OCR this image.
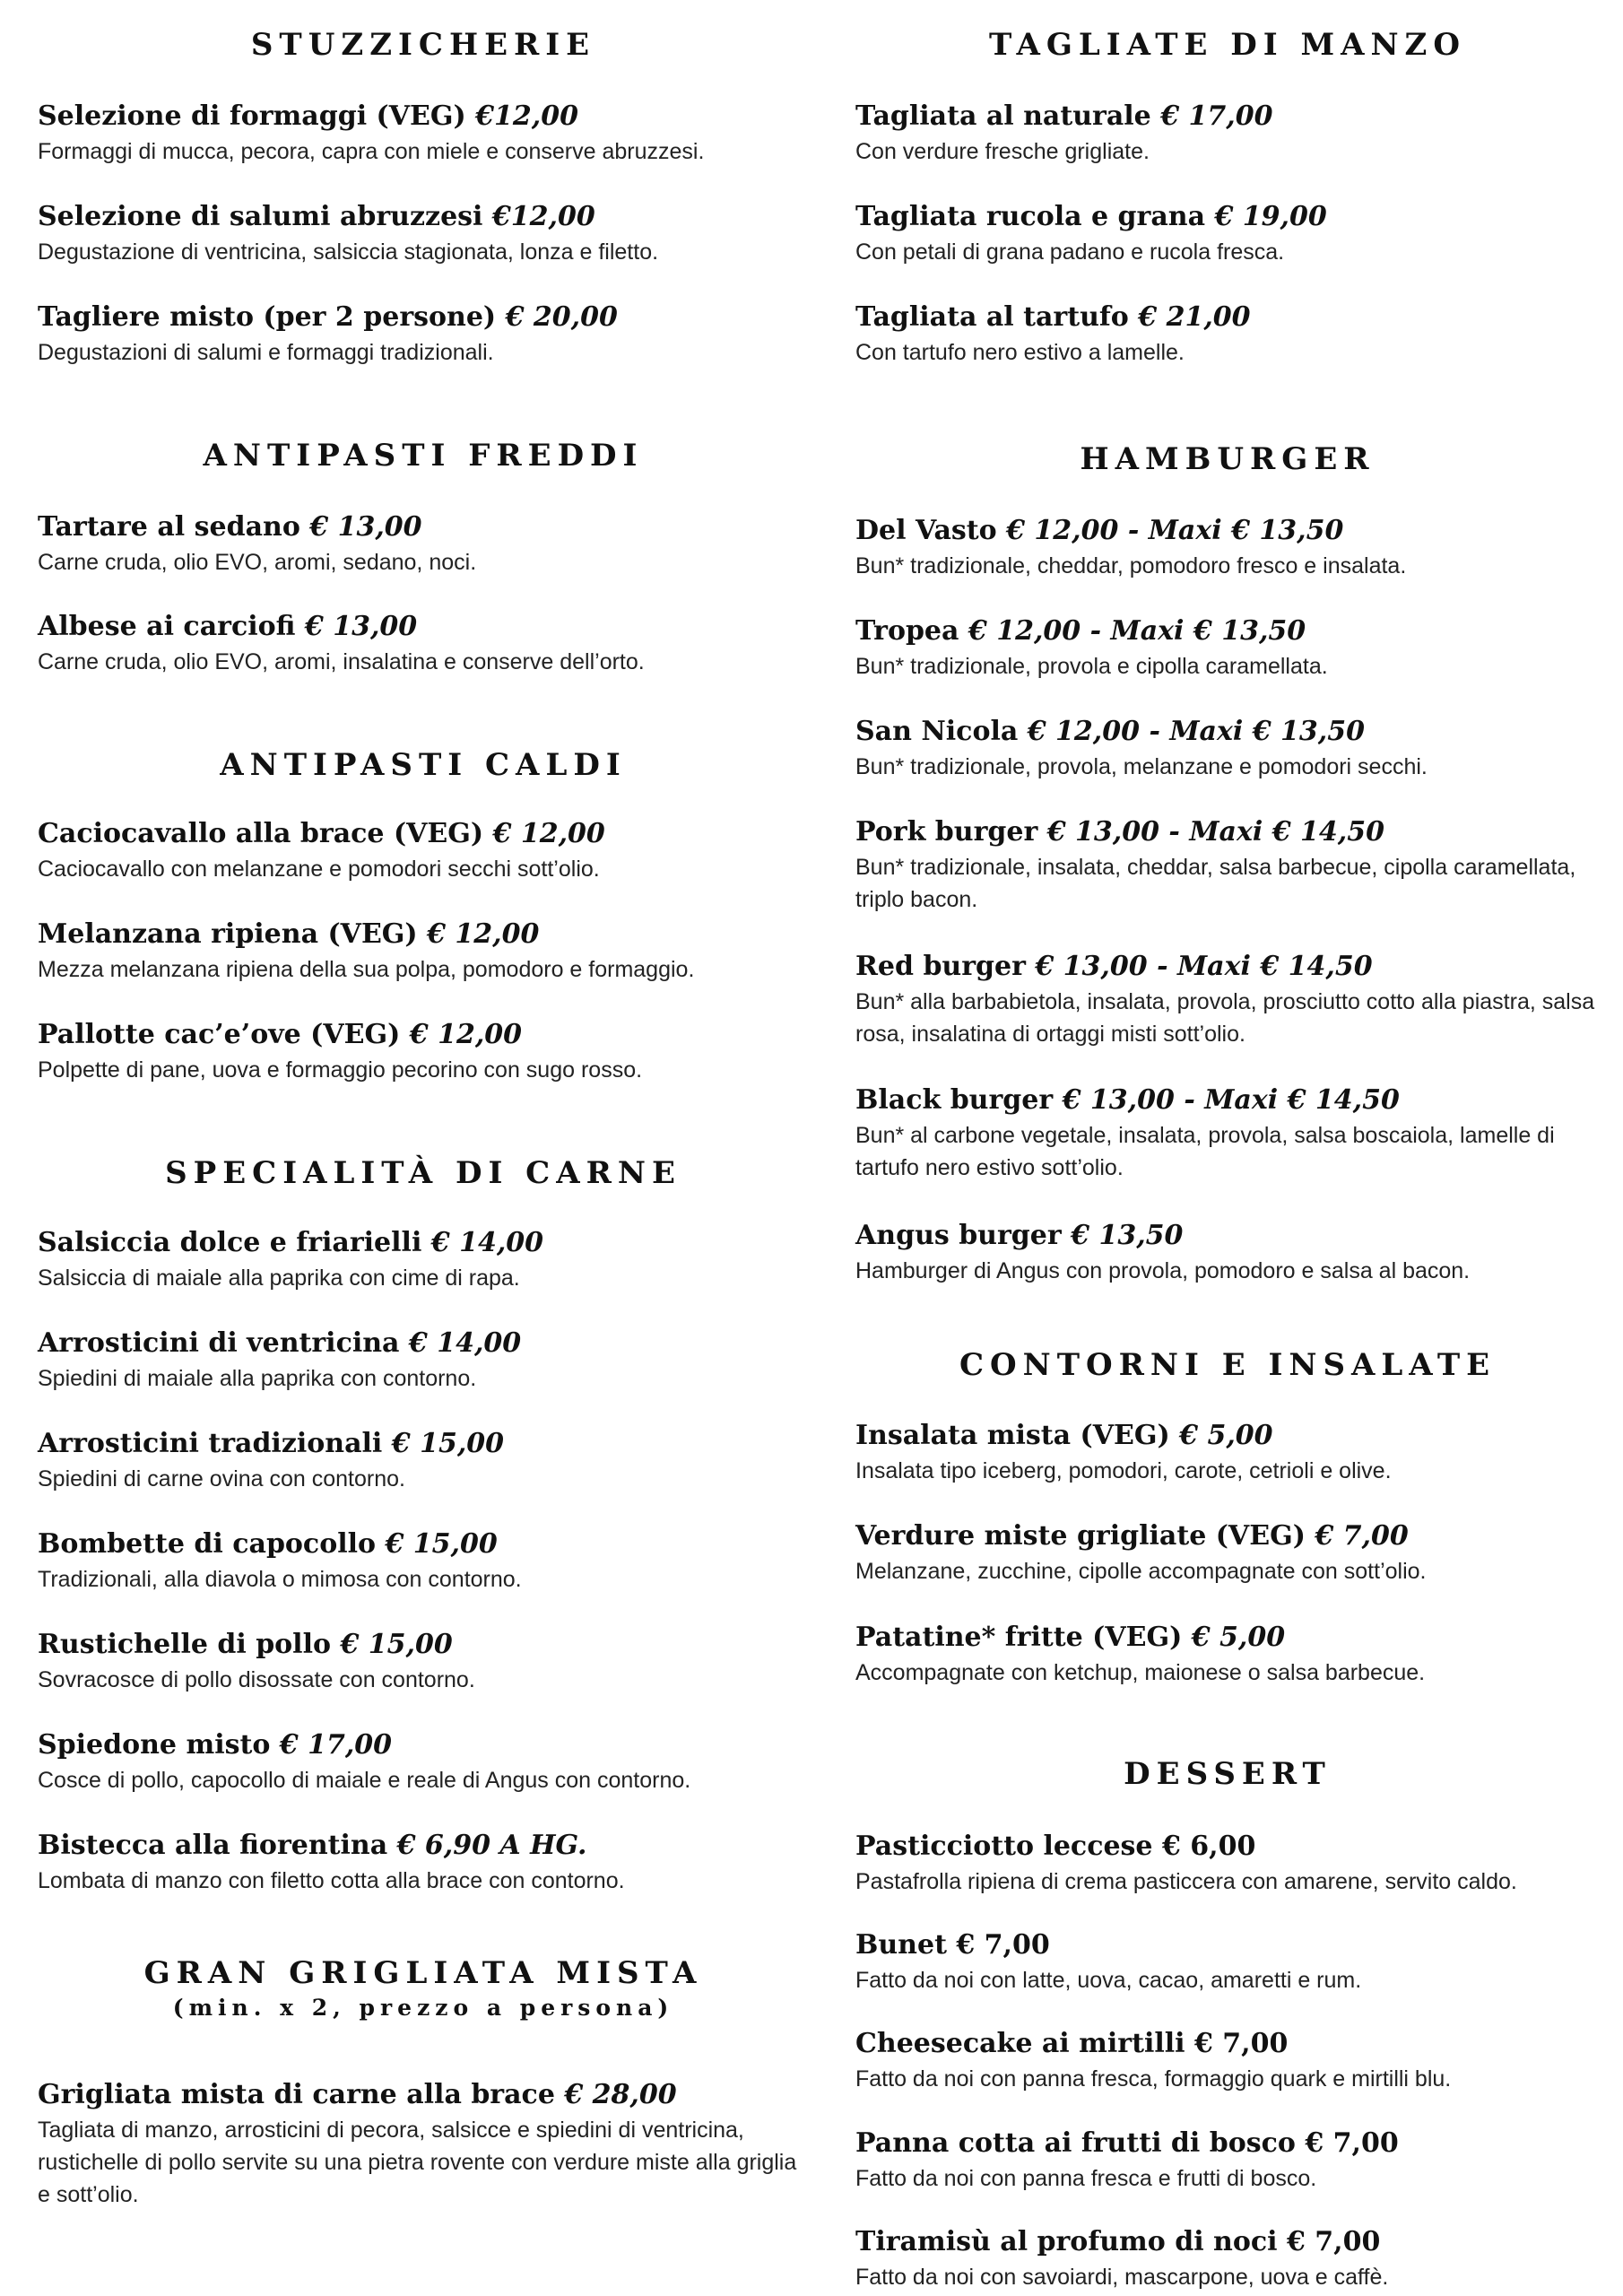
STUZZICHERIE
Selezione di formaggi (VEG) €12,00

Formaggi di mucca, pecora, capra con miele e conserve abruzzesi.

Selezione di salumi abruzzesi €12,00

Degustazione di ventricina, salsiccia stagionata, lonza e filetto.

Tagliere misto (per 2 persone) € 20,00

Degustazioni di salumi e formaggi tradizionali.

ANTIPASTI FREDDI
Tartare al sedano € 13,00

Carne cruda, olio EVO, aromi, sedano, noci.

Albese ai carciofi € 13,00

Carne cruda, olio EVO, aromi, insalatina e conserve dell’orto.

ANTIPASTI CALDI
Caciocavallo alla brace (VEG) € 12,00

Caciocavallo con melanzane e pomodori secchi sott’olio.

Melanzana ripiena (VEG) € 12,00

Mezza melanzana ripiena della sua polpa, pomodoro e formaggio.

Pallotte cac’e’ove (VEG) € 12,00

Polpette di pane, uova e formaggio pecorino con sugo rosso.

SPECIALITÀ DI CARNE
Salsiccia dolce e friarielli € 14,00

Salsiccia di maiale alla paprika con cime di rapa.

Arrosticini di ventricina € 14,00

Spiedini di maiale alla paprika con contorno.

Arrosticini tradizionali € 15,00

Spiedini di carne ovina con contorno.

Bombette di capocollo € 15,00

Tradizionali, alla diavola o mimosa con contorno.

Rustichelle di pollo € 15,00

Sovracosce di pollo disossate con contorno.

Spiedone misto € 17,00

Cosce di pollo, capocollo di maiale e reale di Angus con contorno.

Bistecca alla fiorentina € 6,90 A HG.

Lombata di manzo con filetto cotta alla brace con contorno.

GRAN GRIGLIATA MISTA
(min. x 2, prezzo a persona)
Grigliata mista di carne alla brace € 28,00

Tagliata di manzo, arrosticini di pecora, salsicce e spiedini di ventricina, rustichelle di pollo servite su una pietra rovente con verdure miste alla griglia e sott’olio.

TAGLIATE DI MANZO
Tagliata al naturale € 17,00

Con verdure fresche grigliate.

Tagliata rucola e grana € 19,00

Con petali di grana padano e rucola fresca.

Tagliata al tartufo € 21,00

Con tartufo nero estivo a lamelle.

HAMBURGER
Del Vasto € 12,00 - Maxi € 13,50

Bun* tradizionale, cheddar, pomodoro fresco e insalata.

Tropea € 12,00 - Maxi € 13,50

Bun* tradizionale, provola e cipolla caramellata.

San Nicola € 12,00 - Maxi € 13,50

Bun* tradizionale, provola, melanzane e pomodori secchi.

Pork burger € 13,00 - Maxi € 14,50

Bun* tradizionale, insalata, cheddar, salsa barbecue, cipolla caramellata, triplo bacon.

Red burger € 13,00 - Maxi € 14,50

Bun* alla barbabietola, insalata, provola, prosciutto cotto alla piastra, salsa rosa, insalatina di ortaggi misti sott’olio.

Black burger € 13,00 - Maxi € 14,50

Bun* al carbone vegetale, insalata, provola, salsa boscaiola, lamelle di tartufo nero estivo sott’olio.

Angus burger € 13,50

Hamburger di Angus con provola, pomodoro e salsa al bacon.

CONTORNI E INSALATE
Insalata mista (VEG) € 5,00

Insalata tipo iceberg, pomodori, carote, cetrioli e olive.

Verdure miste grigliate (VEG) € 7,00

Melanzane, zucchine, cipolle accompagnate con sott’olio.

Patatine* fritte (VEG) € 5,00

Accompagnate con ketchup, maionese o salsa barbecue.

DESSERT
Pasticciotto leccese € 6,00

Pastafrolla ripiena di crema pasticcera con amarene, servito caldo.

Bunet € 7,00

Fatto da noi con latte, uova, cacao, amaretti e rum.

Cheesecake ai mirtilli € 7,00

Fatto da noi con panna fresca, formaggio quark e mirtilli blu.

Panna cotta ai frutti di bosco € 7,00

Fatto da noi con panna fresca e frutti di bosco.

Tiramisù al profumo di noci € 7,00

Fatto da noi con savoiardi, mascarpone, uova e caffè.
